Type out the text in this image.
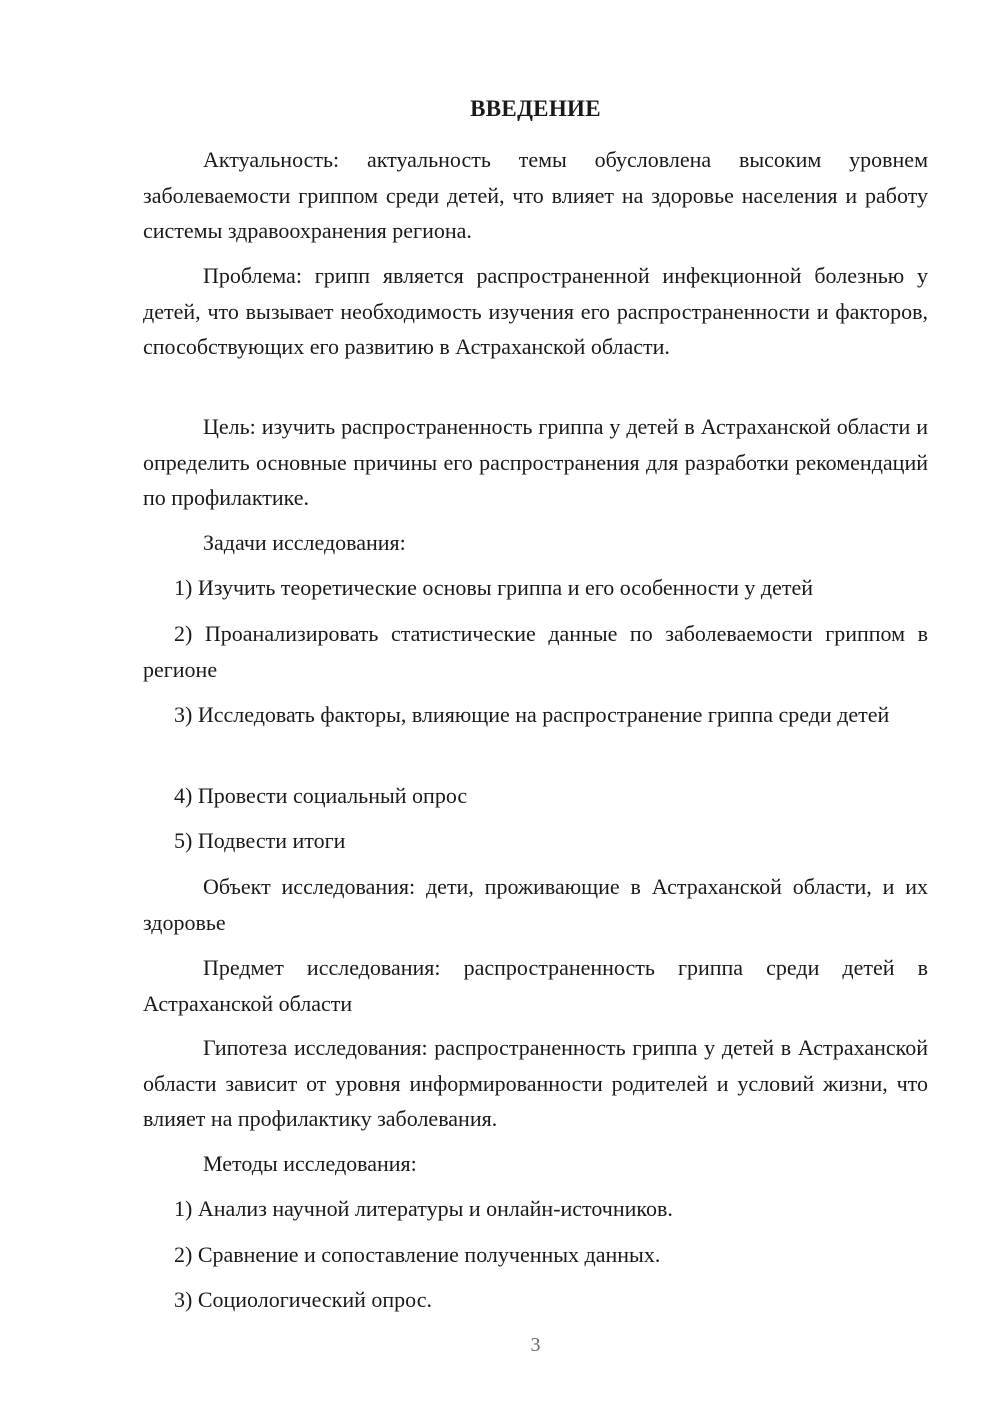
ВВЕДЕНИЕ

Актуальность: актуальность темы обусловлена высоким уровнем заболеваемости гриппом среди детей, что влияет на здоровье населения и работу системы здравоохранения региона.

Проблема: грипп является распространенной инфекционной болезнью у детей, что вызывает необходимость изучения его распространенности и факторов, способствующих его развитию в Астраханской области.

Цель: изучить распространенность гриппа у детей в Астраханской области и определить основные причины его распространения для разработки рекомендаций по профилактике.

Задачи исследования:

1) Изучить теоретические основы гриппа и его особенности у детей

2) Проанализировать статистические данные по заболеваемости гриппом в регионе

3) Исследовать факторы, влияющие на распространение гриппа среди детей

4) Провести социальный опрос

5) Подвести итоги

Объект исследования: дети, проживающие в Астраханской области, и их здоровье

Предмет исследования: распространенность гриппа среди детей в Астраханской области

Гипотеза исследования: распространенность гриппа у детей в Астраханской области зависит от уровня информированности родителей и условий жизни, что влияет на профилактику заболевания.

Методы исследования:

1) Анализ научной литературы и онлайн-источников.

2) Сравнение и сопоставление полученных данных.

3) Социологический опрос.

3
